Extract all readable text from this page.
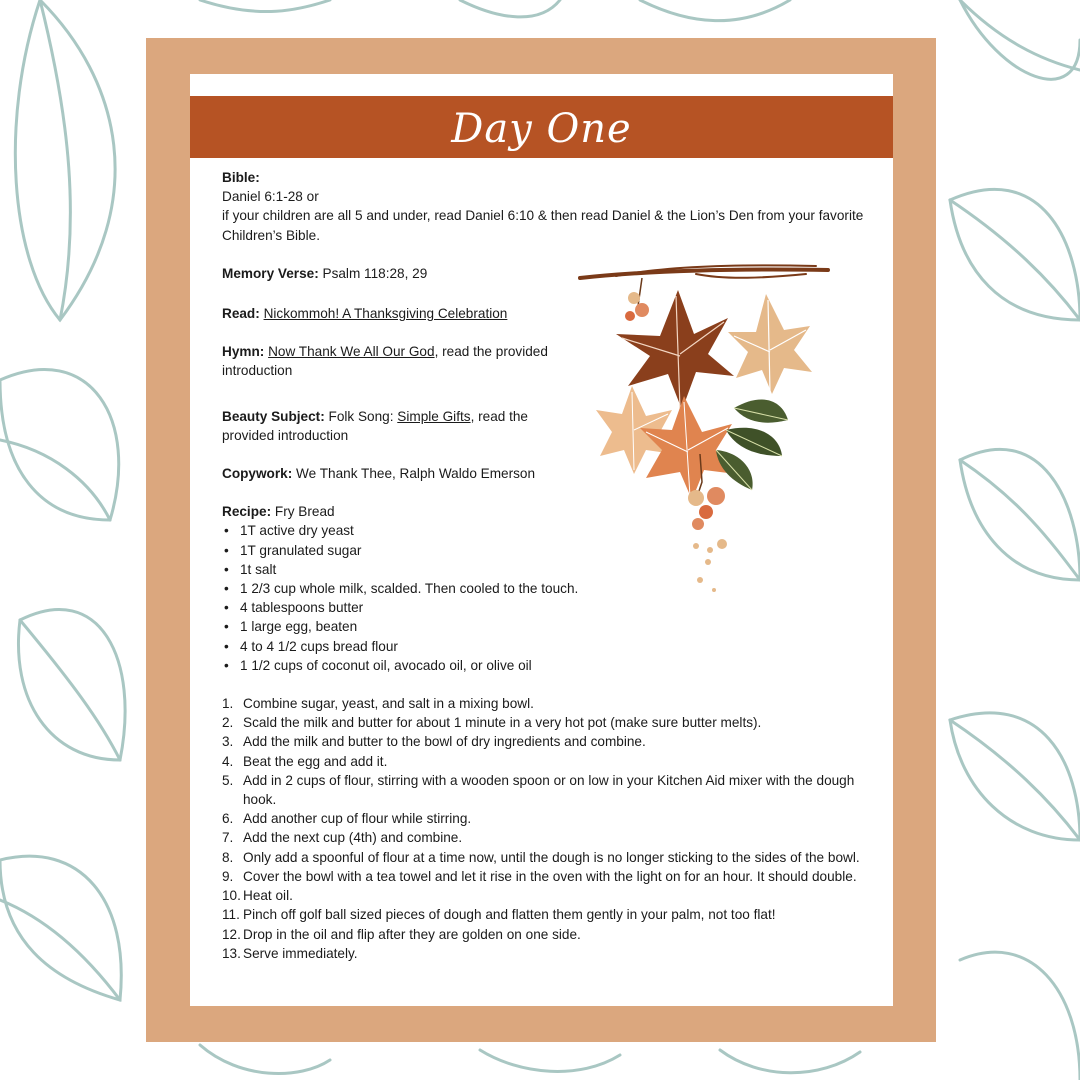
Day One
Bible:
Daniel 6:1-28 or
if your children are all 5 and under, read Daniel 6:10 & then read Daniel & the Lion’s Den from your favorite Children’s Bible.
Memory Verse: Psalm 118:28, 29
Read: Nickommoh! A Thanksgiving Celebration
Hymn: Now Thank We All Our God, read the provided introduction
Beauty Subject: Folk Song: Simple Gifts, read the provided introduction
Copywork: We Thank Thee, Ralph Waldo Emerson
Recipe: Fry Bread
• 1T active dry yeast
• 1T granulated sugar
• 1t salt
• 1 2/3 cup whole milk, scalded. Then cooled to the touch.
• 4 tablespoons butter
• 1 large egg, beaten
• 4 to 4 1/2 cups bread flour
• 1 1/2 cups of coconut oil, avocado oil, or olive oil
1. Combine sugar, yeast, and salt in a mixing bowl.
2. Scald the milk and butter for about 1 minute in a very hot pot (make sure butter melts).
3. Add the milk and butter to the bowl of dry ingredients and combine.
4. Beat the egg and add it.
5. Add in 2 cups of flour, stirring with a wooden spoon or on low in your Kitchen Aid mixer with the dough hook.
6. Add another cup of flour while stirring.
7. Add the next cup (4th) and combine.
8. Only add a spoonful of flour at a time now, until the dough is no longer sticking to the sides of the bowl.
9. Cover the bowl with a tea towel and let it rise in the oven with the light on for an hour. It should double.
10. Heat oil.
11. Pinch off golf ball sized pieces of dough and flatten them gently in your palm, not too flat!
12. Drop in the oil and flip after they are golden on one side.
13. Serve immediately.
